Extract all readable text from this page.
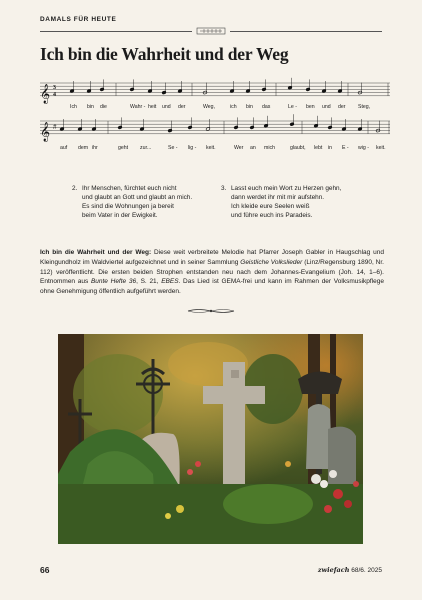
DAMALS FÜR HEUTE
Ich bin die Wahrheit und der Weg
𝄞 3
4
Ich bin die	Wahr - heit und der	Weg,	ich bin das	Le - ben und der Steg,
𝄞 #
auf dem ihr	geht zur...	Se - lig - keit.	Wer an mich	glaubt, lebt in E - wig - keit.
2. Ihr Menschen, fürchtet euch nicht
und glaubt an Gott und glaubt an mich.
Es sind die Wohnungen ja bereit
beim Vater in der Ewigkeit.
3. Lasst euch mein Wort zu Herzen gehn,
dann werdet ihr mit mir aufstehn.
Ich kleide eure Seelen weiß
und führe euch ins Paradeis.
Ich bin die Wahrheit und der Weg: Diese weit verbreitete Melodie hat Pfarrer Joseph Gabler in Haugschlag und Kleingundholz im Waldviertel aufgezeichnet und in seiner Sammlung Geistliche Volkslieder (Linz/Regensburg 1890, Nr. 112) veröffentlicht. Die ersten beiden Strophen entstanden neu nach dem Johannes-Evangelium (Joh. 14, 1–6). Entnommen aus Bunte Hefte 36, S. 21, EBES. Das Lied ist GEMA-frei und kann im Rahmen der Volksmusikpflege ohne Genehmigung öffentlich aufgeführt werden.
66	zwiefach 68/6. 2025
